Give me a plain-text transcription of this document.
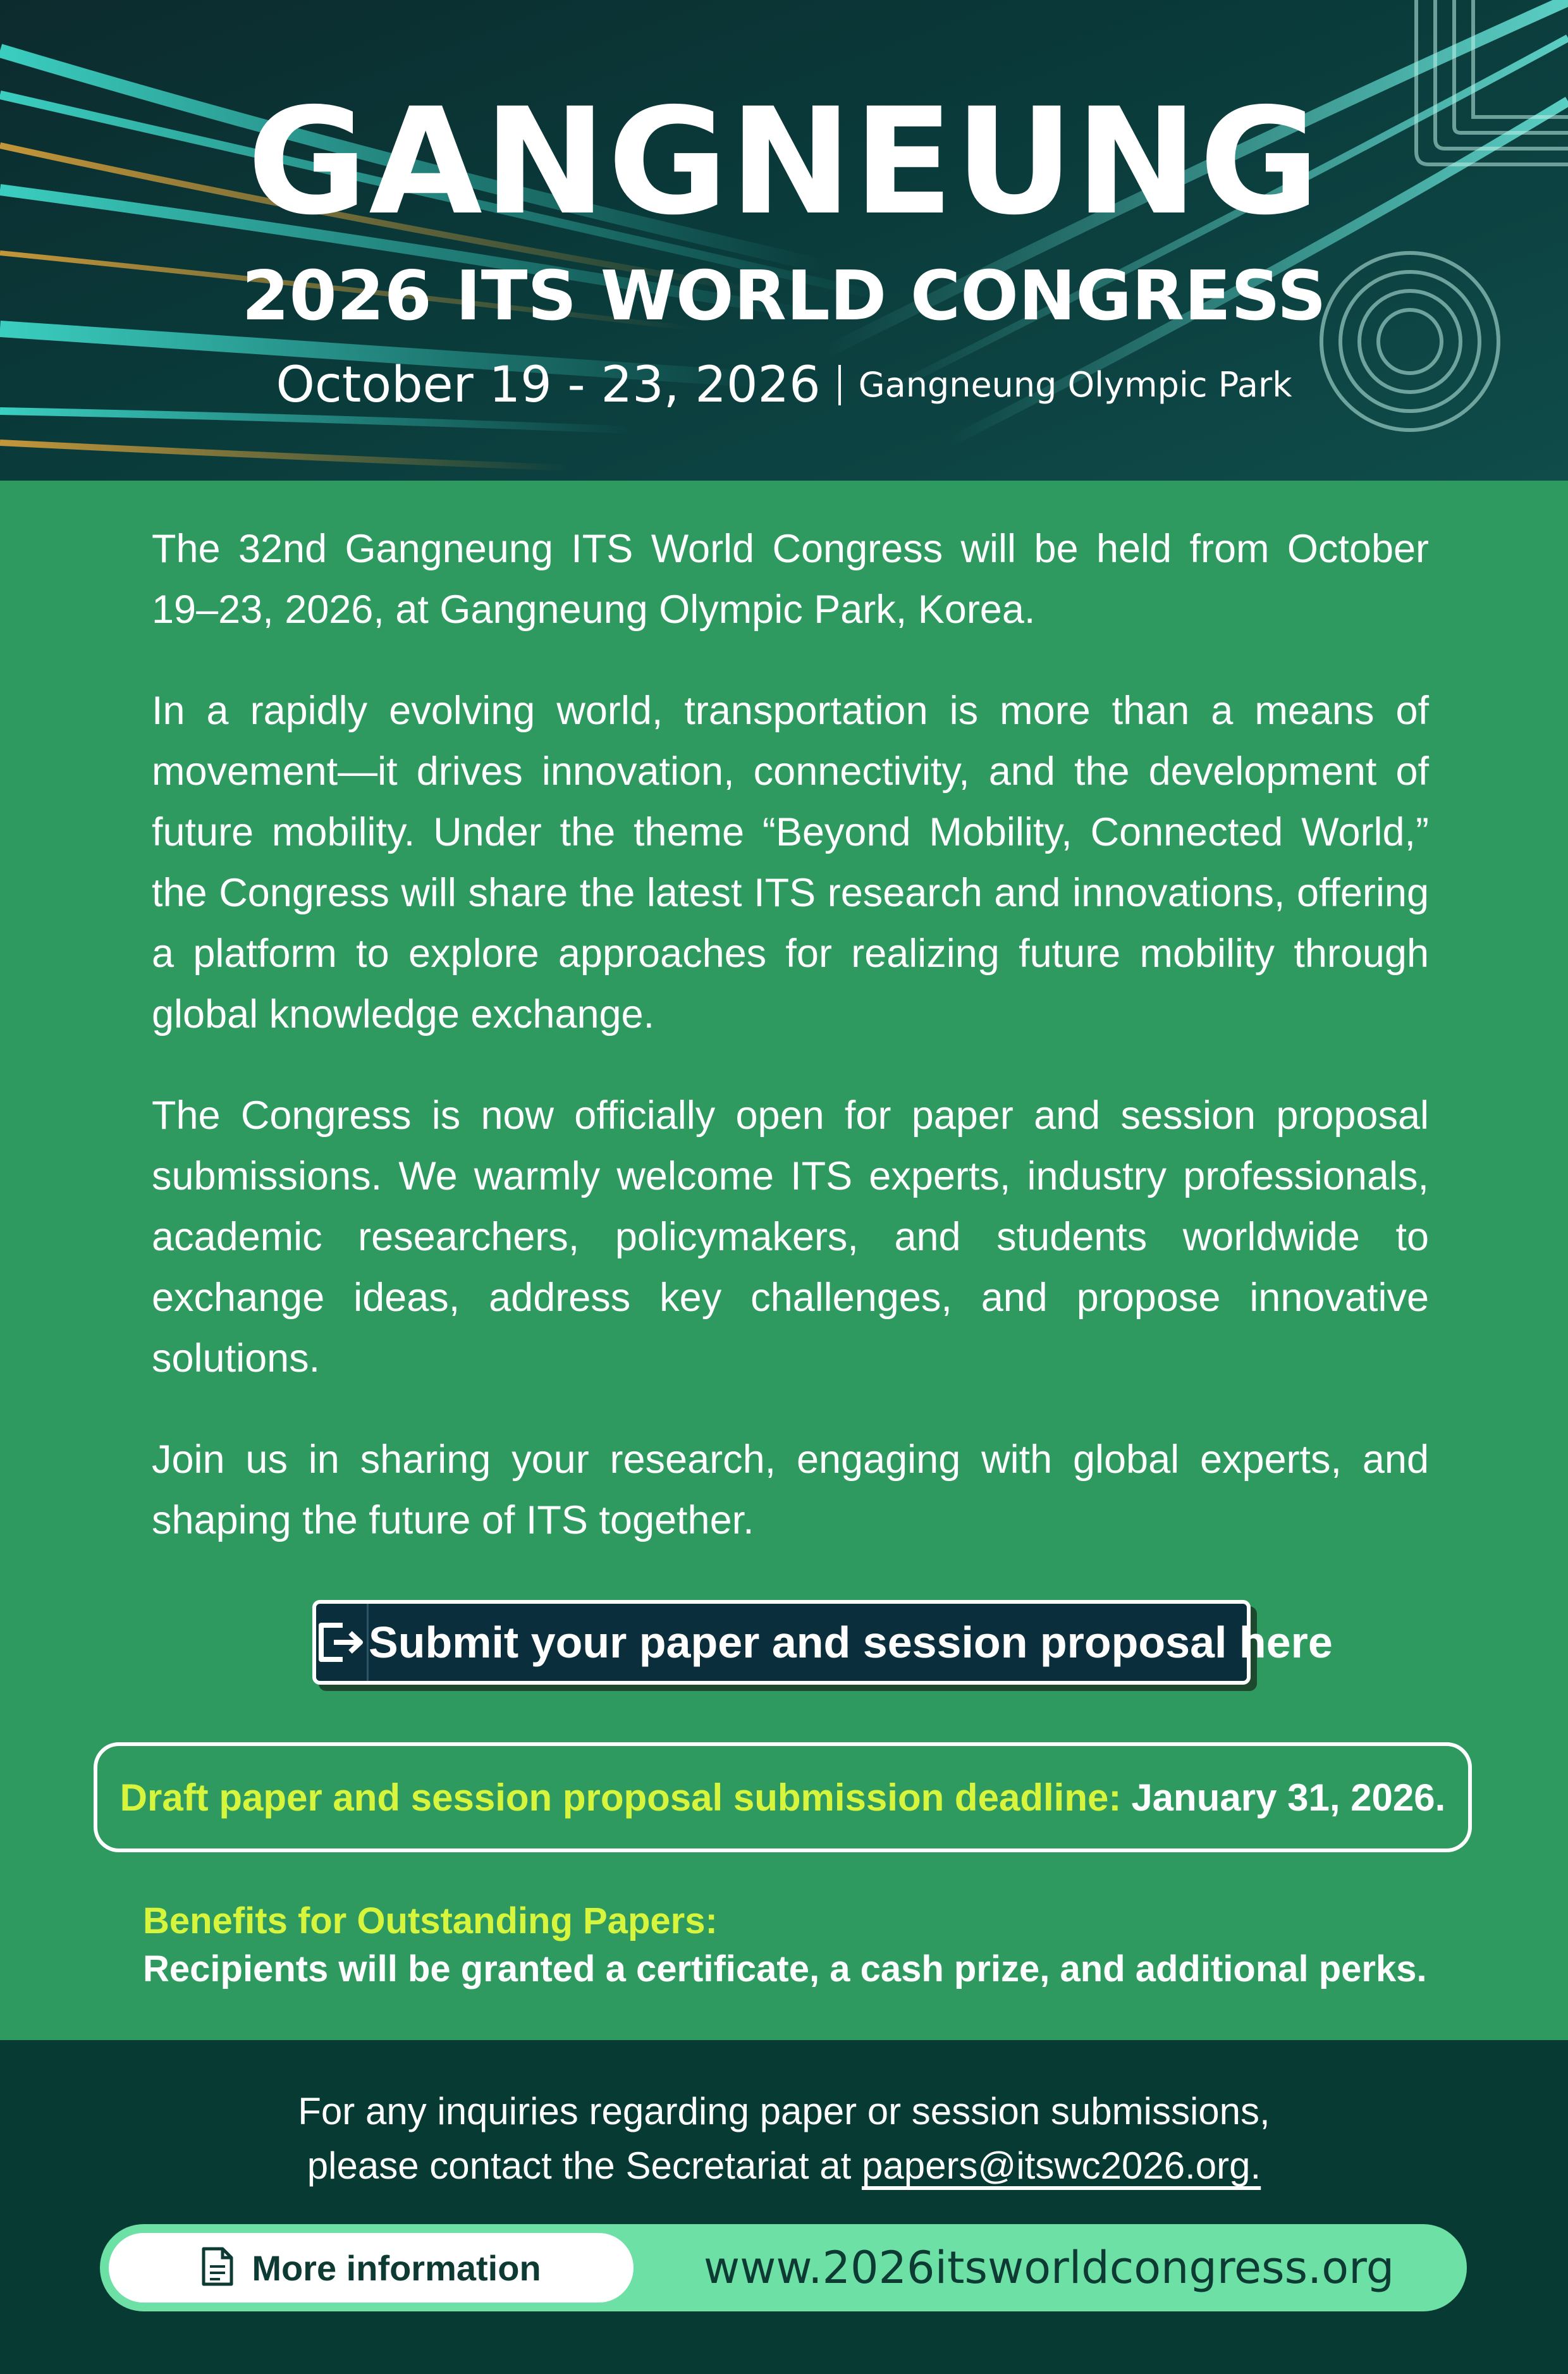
GANGNEUNG
2026 ITS WORLD CONGRESS
October 19 - 23, 2026 Gangneung Olympic Park

The 32nd Gangneung ITS World Congress will be held from October 19–23, 2026, at Gangneung Olympic Park, Korea.

In a rapidly evolving world, transportation is more than a means of movement—it drives innovation, connectivity, and the development of future mobility. Under the theme “Beyond Mobility, Connected World,” the Congress will share the latest ITS research and innovations, offering a platform to explore approaches for realizing future mobility through global knowledge exchange.

The Congress is now officially open for paper and session proposal submissions. We warmly welcome ITS experts, industry professionals, academic researchers, policymakers, and students worldwide to exchange ideas, address key challenges, and propose innovative solutions.

Join us in sharing your research, engaging with global experts, and shaping the future of ITS together.

Submit your paper and session proposal here
Draft paper and session proposal submission deadline: January 31, 2026.
Benefits for Outstanding Papers:
Recipients will be granted a certificate, a cash prize, and additional perks.
For any inquiries regarding paper or session submissions,
please contact the Secretariat at papers@itswc2026.org.
More information	www.2026itsworldcongress.org
